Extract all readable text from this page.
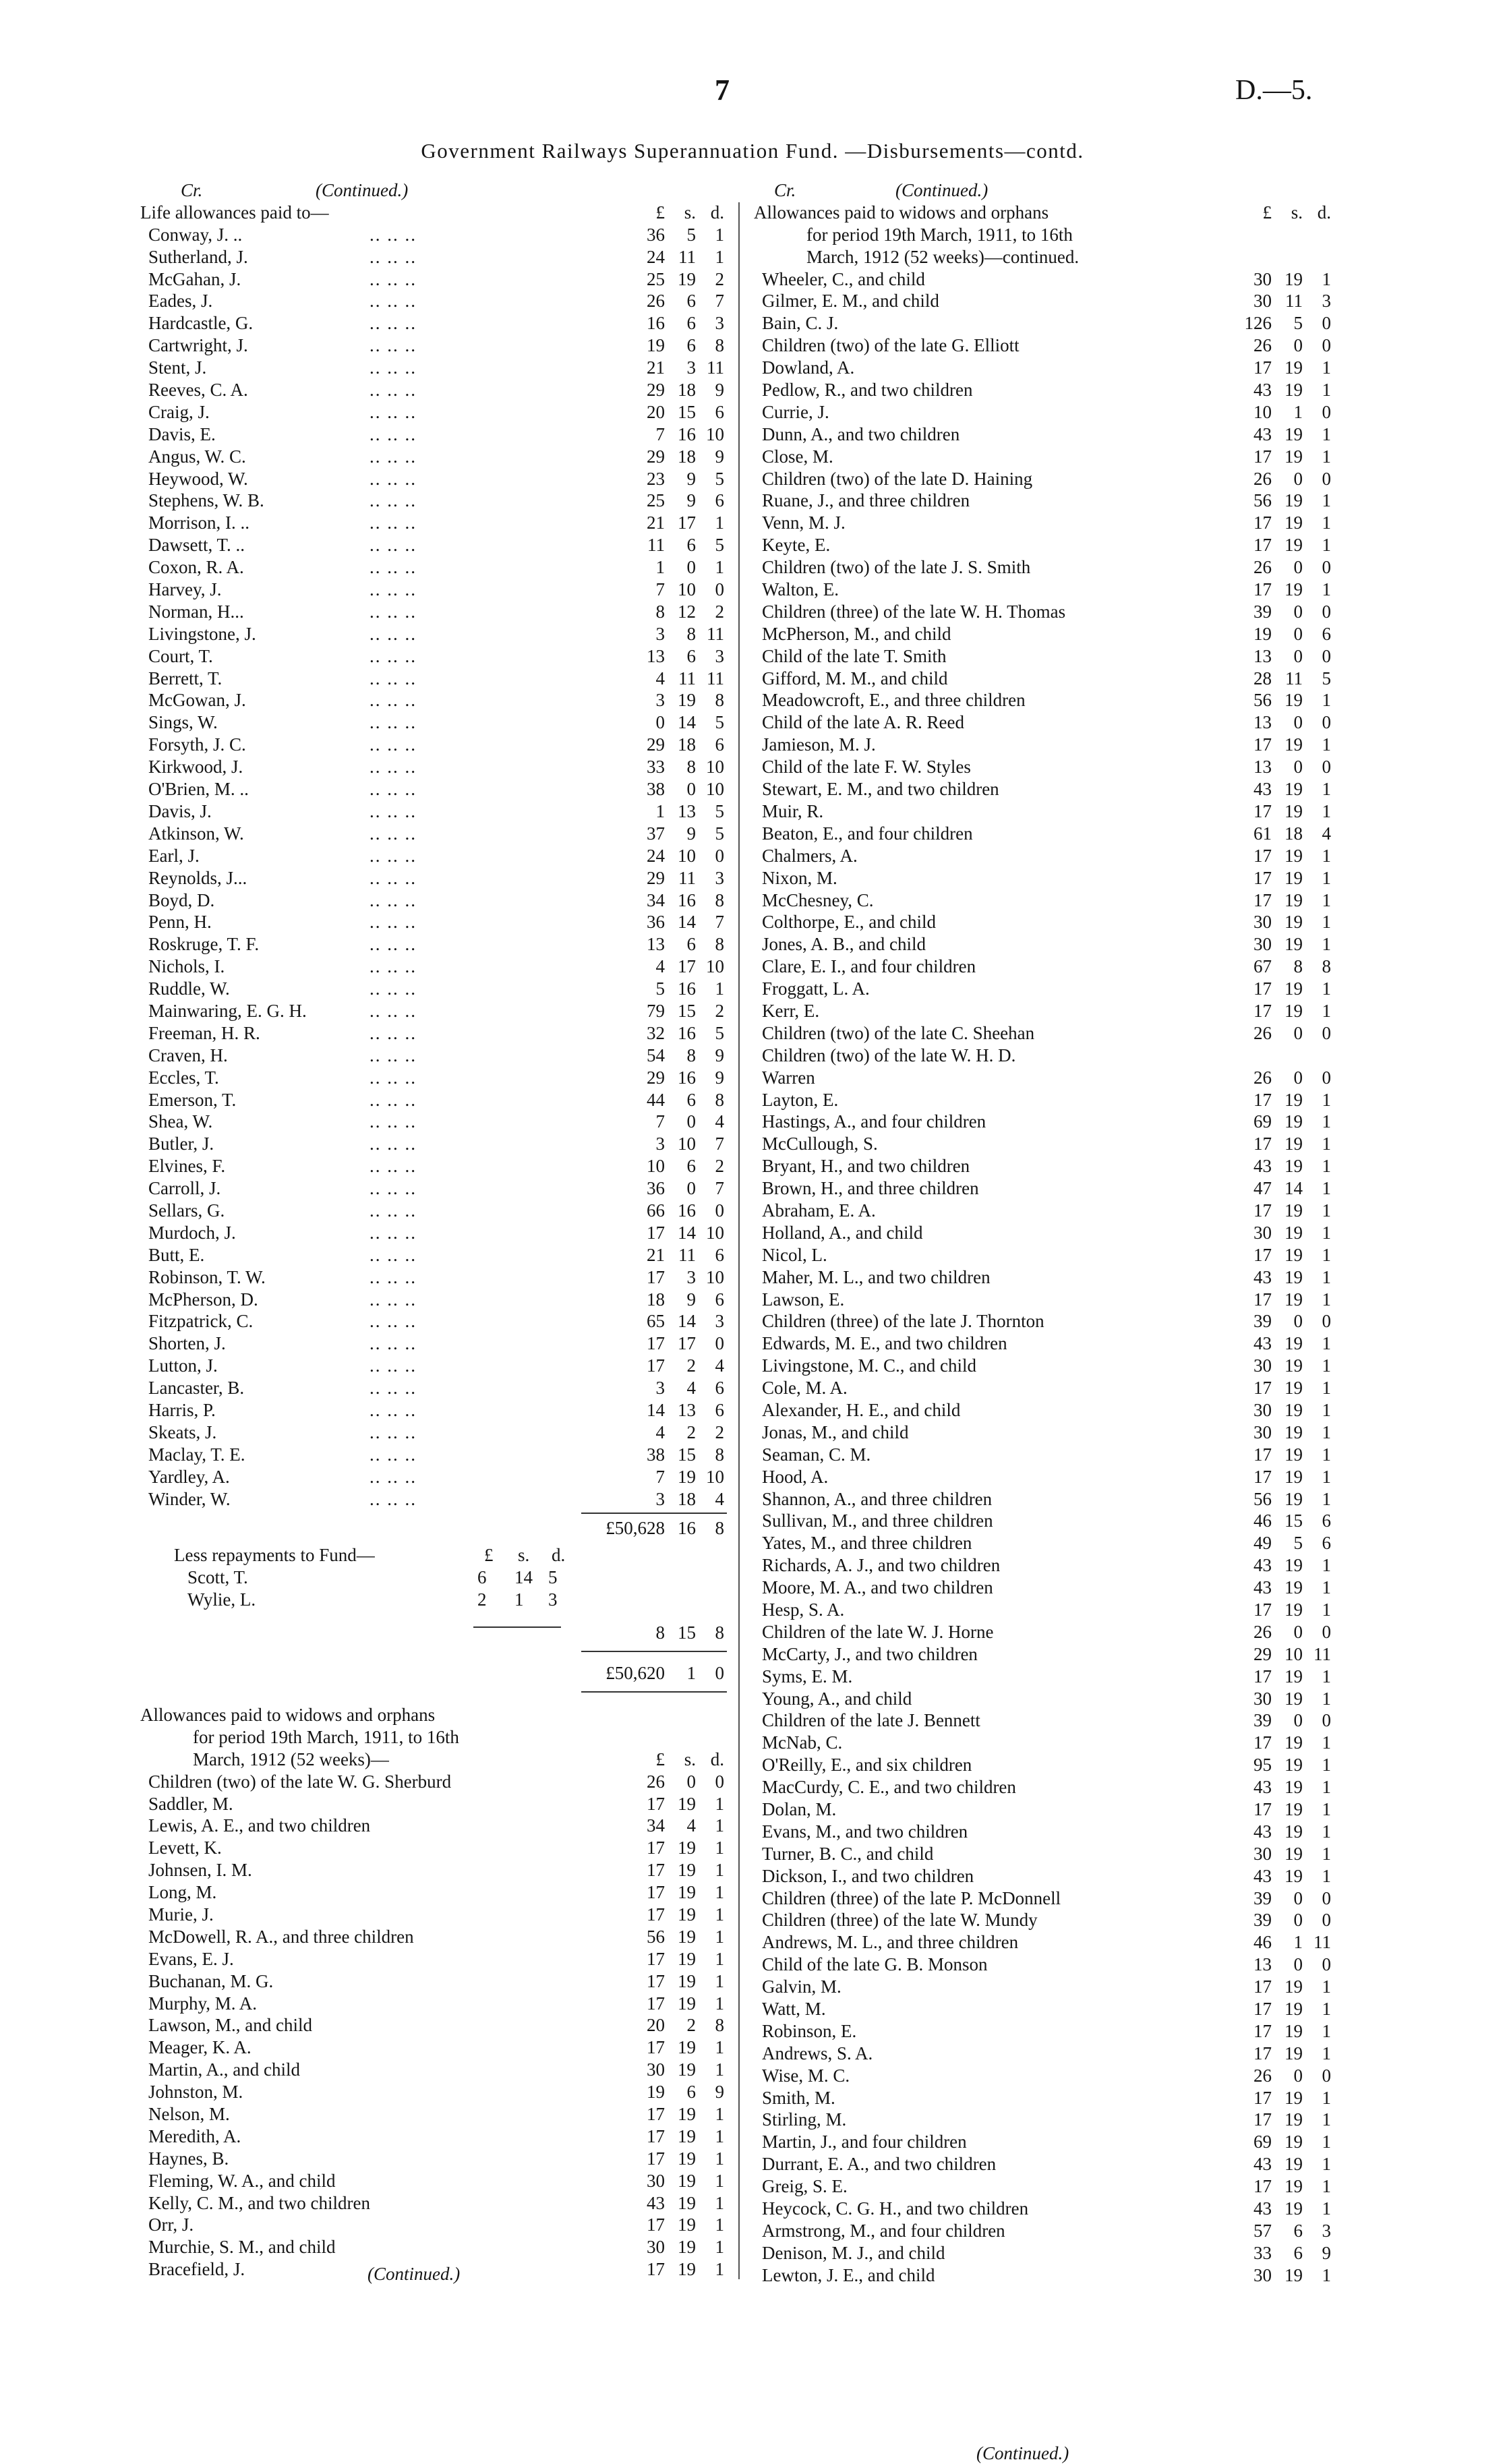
7	D.—5.
Government Railways Superannuation Fund. —Disbursements—contd.
Cr.	(Continued.)
Life allowances paid to—	£	s. d.
Conway, J. ..	.. .. ..	36	5	1
Sutherland, J.	.. .. ..	24 11	1
McGahan, J.	.. .. ..	25 19	2
Eades, J.	.. .. ..	26	6	7
Hardcastle, G.	.. .. ..	16	6	3
Cartwright, J.	.. .. ..	19	6	8
Stent, J.	.. .. ..	21	3 11
Reeves, C. A.	.. .. ..	29 18	9
Craig, J.	.. .. ..	20 15	6
Davis, E.	.. .. ..	7 16 10
Angus, W. C.	.. .. ..	29 18	9
Heywood, W.	.. .. ..	23	9	5
Stephens, W. B.	.. .. ..	25	9	6
Morrison, I. ..	.. .. ..	21 17	1
Dawsett, T. ..	.. .. ..	11	6	5
Coxon, R. A.	.. .. ..	1	0	1
Harvey, J.	.. .. ..	7 10	0
Norman, H...	.. .. ..	8 12	2
Livingstone, J.	.. .. ..	3	8 11
Court, T.	.. .. ..	13	6	3
Berrett, T.	.. .. ..	4 11 11
McGowan, J.	.. .. ..	3 19	8
Sings, W.	.. .. ..	0 14	5
Forsyth, J. C.	.. .. ..	29 18	6
Kirkwood, J.	.. .. ..	33	8 10
O'Brien, M. ..	.. .. ..	38	0 10
Davis, J.	.. .. ..	1 13	5
Atkinson, W.	.. .. ..	37	9	5
Earl, J.	.. .. ..	24 10	0
Reynolds, J...	.. .. ..	29 11	3
Boyd, D.	.. .. ..	34 16	8
Penn, H.	.. .. ..	36 14	7
Roskruge, T. F.	.. .. ..	13	6	8
Nichols, I.	.. .. ..	4 17 10
Ruddle, W.	.. .. ..	5 16	1
Mainwaring, E. G. H.	.. .. ..	79 15	2
Freeman, H. R.	.. .. ..	32 16	5
Craven, H.	.. .. ..	54	8	9
Eccles, T.	.. .. ..	29 16	9
Emerson, T.	.. .. ..	44	6	8
Shea, W.	.. .. ..	7	0	4
Butler, J.	.. .. ..	3 10	7
Elvines, F.	.. .. ..	10	6	2
Carroll, J.	.. .. ..	36	0	7
Sellars, G.	.. .. ..	66 16	0
Murdoch, J.	.. .. ..	17 14 10
Butt, E.	.. .. ..	21 11	6
Robinson, T. W.	.. .. ..	17	3 10
McPherson, D.	.. .. ..	18	9	6
Fitzpatrick, C.	.. .. ..	65 14	3
Shorten, J.	.. .. ..	17 17	0
Lutton, J.	.. .. ..	17	2	4
Lancaster, B.	.. .. ..	3	4	6
Harris, P.	.. .. ..	14 13	6
Skeats, J.	.. .. ..	4	2	2
Maclay, T. E.	.. .. ..	38 15	8
Yardley, A.	.. .. ..	7 19 10
Winder, W.	.. .. ..	3 18	4
Cr.	(Continued.)
Allowances paid to widows and orphans	£	s. d.
for period 19th March, 1911, to 16th
March, 1912 (52 weeks)—continued.
Wheeler, C., and child	30 19	1
Gilmer, E. M., and child	30 11	3
Bain, C. J.	126	5	0
Children (two) of the late G. Elliott	26	0	0
Dowland, A.	17 19	1
Pedlow, R., and two children	43 19	1
Currie, J.	10	1	0
Dunn, A., and two children	43 19	1
Close, M.	17 19	1
Children (two) of the late D. Haining	26	0	0
Ruane, J., and three children	56 19	1
Venn, M. J.	17 19	1
Keyte, E.	17 19	1
Children (two) of the late J. S. Smith	26	0	0
Walton, E.	17 19	1
Children (three) of the late W. H. Thomas	39	0	0
McPherson, M., and child	19	0	6
Child of the late T. Smith	13	0	0
Gifford, M. M., and child	28 11	5
Meadowcroft, E., and three children	56 19	1
Child of the late A. R. Reed	13	0	0
Jamieson, M. J.	17 19	1
Child of the late F. W. Styles	13	0	0
Stewart, E. M., and two children	43 19	1
Muir, R.	17 19	1
Beaton, E., and four children	61 18	4
Chalmers, A.	17 19	1
Nixon, M.	17 19	1
McChesney, C.	17 19	1
Colthorpe, E., and child	30 19	1
Jones, A. B., and child	30 19	1
Clare, E. I., and four children	67	8	8
Froggatt, L. A.	17 19	1
Kerr, E.	17 19	1
Children (two) of the late C. Sheehan	26	0	0
Children (two) of the late W. H. D.
Warren	26	0	0
Layton, E.	17 19	1
Hastings, A., and four children	69 19	1
McCullough, S.	17 19	1
Bryant, H., and two children	43 19	1
Brown, H., and three children	47 14	1
Abraham, E. A.	17 19	1
Holland, A., and child	30 19	1
Nicol, L.	17 19	1
Maher, M. L., and two children	43 19	1
Lawson, E.	17 19	1
Children (three) of the late J. Thornton	39	0	0
Edwards, M. E., and two children	43 19	1
Livingstone, M. C., and child	30 19	1
Cole, M. A.	17 19	1
Alexander, H. E., and child	30 19	1
Jonas, M., and child	30 19	1
Seaman, C. M.	17 19	1
Hood, A.	17 19	1
Shannon, A., and three children	56 19	1
Sullivan, M., and three children	46 15	6
Yates, M., and three children	49	5	6
Richards, A. J., and two children	43 19	1
Moore, M. A., and two children	43 19	1
Hesp, S. A.	17 19	1
Children of the late W. J. Horne	26	0	0
McCarty, J., and two children	29 10 11
Syms, E. M.	17 19	1
Young, A., and child	30 19	1
Children of the late J. Bennett	39	0	0
McNab, C.	17 19	1
O'Reilly, E., and six children	95 19	1
MacCurdy, C. E., and two children	43 19	1
Dolan, M.	17 19	1
Evans, M., and two children	43 19	1
Turner, B. C., and child	30 19	1
Dickson, I., and two children	43 19	1
Children (three) of the late P. McDonnell	39	0	0
Children (three) of the late W. Mundy	39	0	0
Andrews, M. L., and three children	46	1 11
Child of the late G. B. Monson	13	0	0
Galvin, M.	17 19	1
Watt, M.	17 19	1
Robinson, E.	17 19	1
Andrews, S. A.	17 19	1
Wise, M. C.	26	0	0
Smith, M.	17 19	1
Stirling, M.	17 19	1
Martin, J., and four children	69 19	1
Durrant, E. A., and two children	43 19	1
Greig, S. E.	17 19	1
Heycock, C. G. H., and two children	43 19	1
Armstrong, M., and four children	57	6	3
Denison, M. J., and child	33	6	9
Lewton, J. E., and child	30 19	1
(Continued.)
£50,628 16	8
Less repayments to Fund—	£ s. d.
Scott, T.	6 14 5
Wylie, L.	2 1 3
8 15	8
£50,620	1	0
Allowances paid to widows and orphans
for period 19th March, 1911, to 16th
March, 1912 (52 weeks)—	£	s. d.
Children (two) of the late W. G. Sherburd	26	0	0
Saddler, M.	17 19	1
Lewis, A. E., and two children	34	4	1
Levett, K.	17 19	1
Johnsen, I. M.	17 19	1
Long, M.	17 19	1
Murie, J.	17 19	1
McDowell, R. A., and three children	56 19	1
Evans, E. J.	17 19	1
Buchanan, M. G.	17 19	1
Murphy, M. A.	17 19	1
Lawson, M., and child	20	2	8
Meager, K. A.	17 19	1
Martin, A., and child	30 19	1
Johnston, M.	19	6	9
Nelson, M.	17 19	1
Meredith, A.	17 19	1
Haynes, B.	17 19	1
Fleming, W. A., and child	30 19	1
Kelly, C. M., and two children	43 19	1
Orr, J.	17 19	1
Murchie, S. M., and child	30 19	1
Bracefield, J.	17 19	1
(Continued.)
